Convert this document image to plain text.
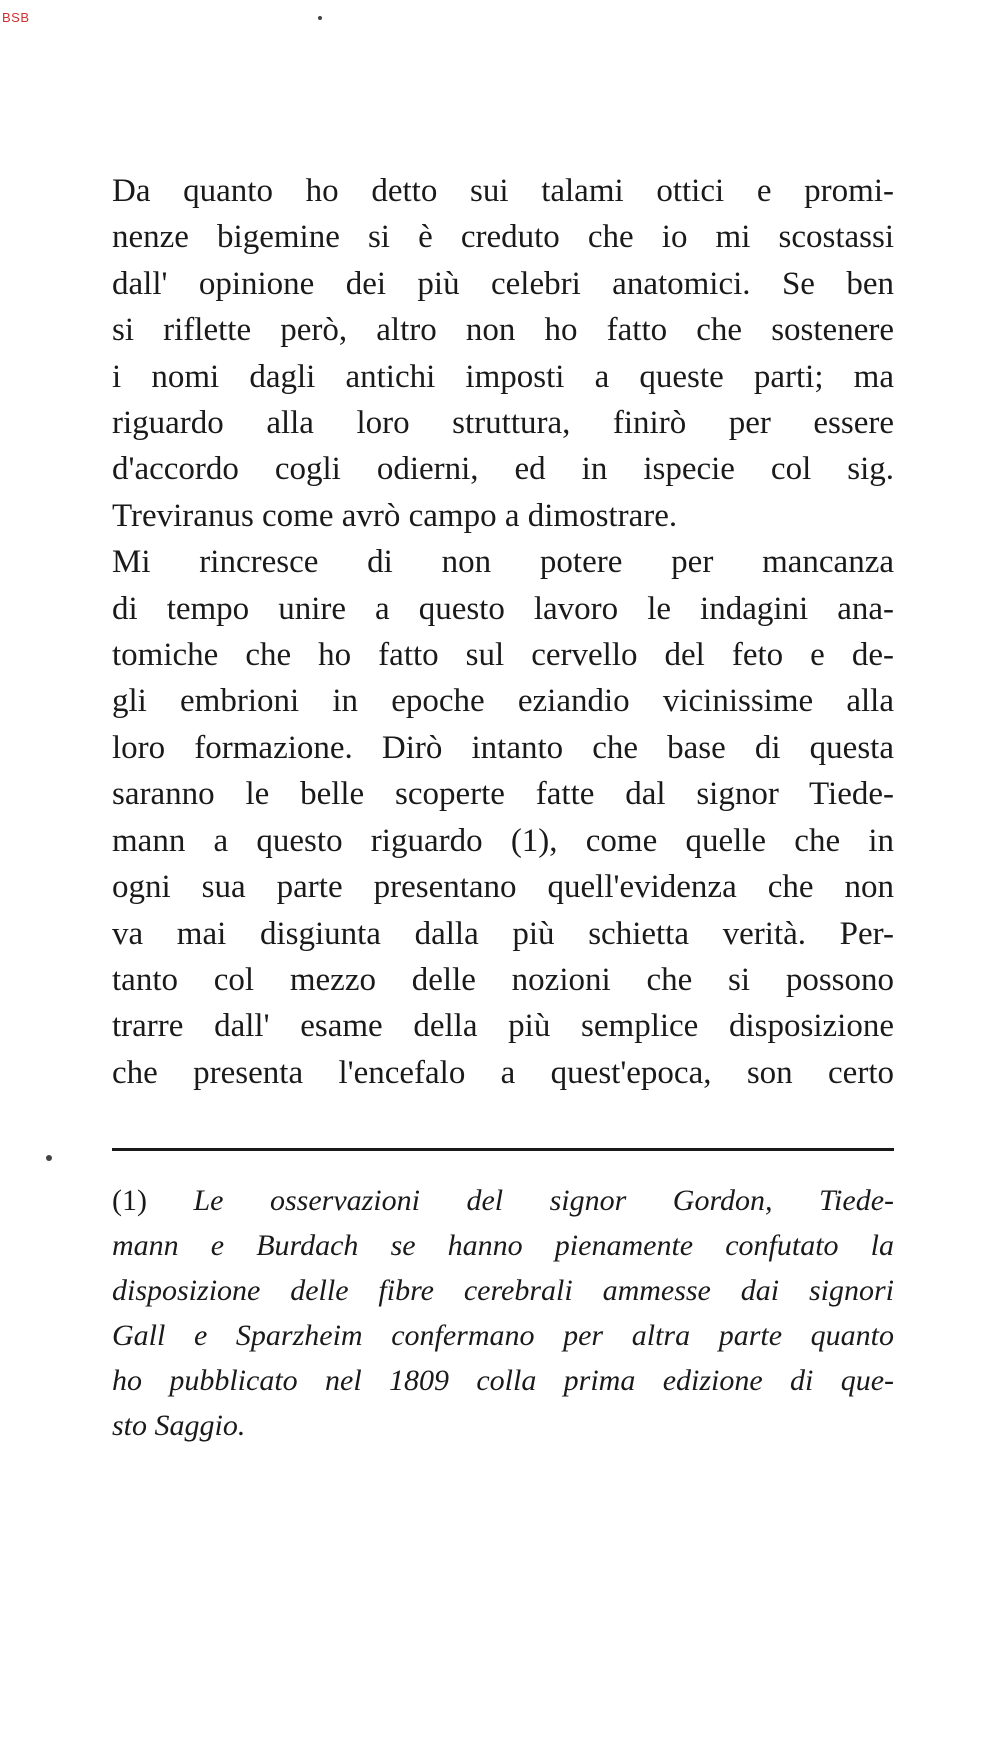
BSB
Da quanto ho detto sui talami ottici e promi-
nenze bigemine si è creduto che io mi scostassi
dall' opinione dei più celebri anatomici. Se ben
si riflette però, altro non ho fatto che sostenere
i nomi dagli antichi imposti a queste parti; ma
riguardo alla loro struttura, finirò per essere
d'accordo cogli odierni, ed in ispecie col sig.
Treviranus come avrò campo a dimostrare.
Mi rincresce di non potere per mancanza
di tempo unire a questo lavoro le indagini ana-
tomiche che ho fatto sul cervello del feto e de-
gli embrioni in epoche eziandio vicinissime alla
loro formazione. Dirò intanto che base di questa
saranno le belle scoperte fatte dal signor Tiede-
mann a questo riguardo (1), come quelle che in
ogni sua parte presentano quell'evidenza che non
va mai disgiunta dalla più schietta verità. Per-
tanto col mezzo delle nozioni che si possono
trarre dall' esame della più semplice disposizione
che presenta l'encefalo a quest'epoca, son certo
(1) Le osservazioni del signor Gordon, Tiede-
mann e Burdach se hanno pienamente confutato la
disposizione delle fibre cerebrali ammesse dai signori
Gall e Sparzheim confermano per altra parte quanto
ho pubblicato nel 1809 colla prima edizione di que-
sto Saggio.
